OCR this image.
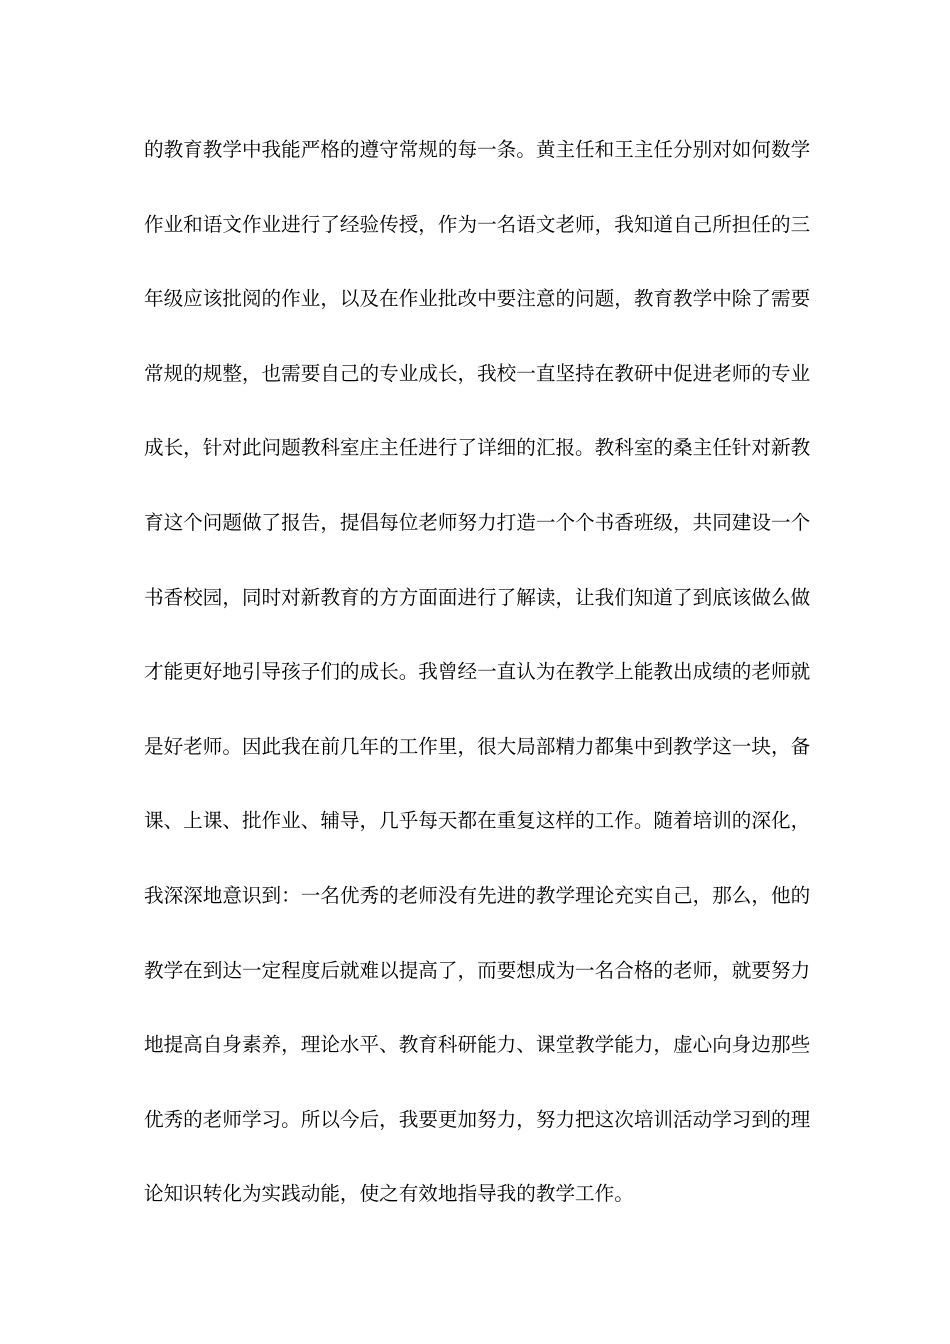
的教育教学中我能严格的遵守常规的每一条。黄主任和王主任分别对如何数学
作业和语文作业进行了经验传授，作为一名语文老师，我知道自己所担任的三
年级应该批阅的作业，以及在作业批改中要注意的问题，教育教学中除了需要
常规的规整，也需要自己的专业成长，我校一直坚持在教研中促进老师的专业
成长，针对此问题教科室庄主任进行了详细的汇报。教科室的桑主任针对新教
育这个问题做了报告，提倡每位老师努力打造一个个书香班级，共同建设一个
书香校园，同时对新教育的方方面面进行了解读，让我们知道了到底该做么做
才能更好地引导孩子们的成长。我曾经一直认为在教学上能教出成绩的老师就
是好老师。因此我在前几年的工作里，很大局部精力都集中到教学这一块，备
课、上课、批作业、辅导，几乎每天都在重复这样的工作。随着培训的深化，
我深深地意识到：一名优秀的老师没有先进的教学理论充实自己，那么，他的
教学在到达一定程度后就难以提高了，而要想成为一名合格的老师，就要努力
地提高自身素养，理论水平、教育科研能力、课堂教学能力，虚心向身边那些
优秀的老师学习。所以今后，我要更加努力，努力把这次培训活动学习到的理
论知识转化为实践动能，使之有效地指导我的教学工作。
